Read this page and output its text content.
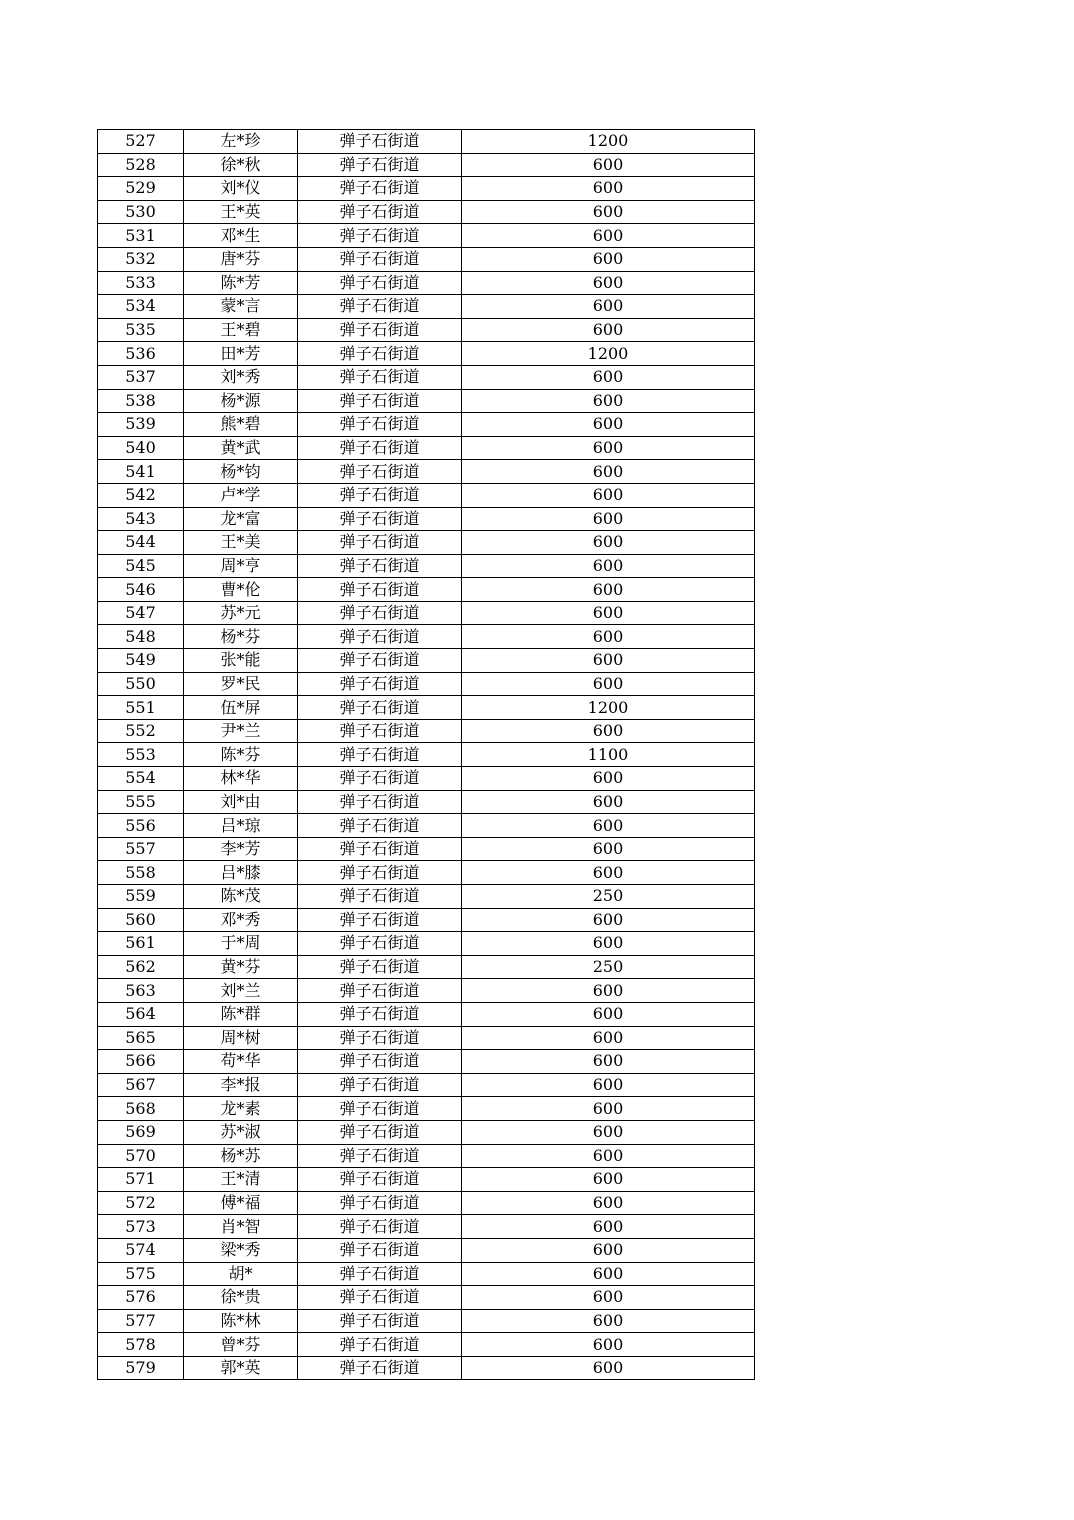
527	左*珍	弹子石街道	1200
528	徐*秋	弹子石街道	600
529	刘*仪	弹子石街道	600
530	王*英	弹子石街道	600
531	邓*生	弹子石街道	600
532	唐*芬	弹子石街道	600
533	陈*芳	弹子石街道	600
534	蒙*言	弹子石街道	600
535	王*碧	弹子石街道	600
536	田*芳	弹子石街道	1200
537	刘*秀	弹子石街道	600
538	杨*源	弹子石街道	600
539	熊*碧	弹子石街道	600
540	黄*武	弹子石街道	600
541	杨*钧	弹子石街道	600
542	卢*学	弹子石街道	600
543	龙*富	弹子石街道	600
544	王*美	弹子石街道	600
545	周*亨	弹子石街道	600
546	曹*伦	弹子石街道	600
547	苏*元	弹子石街道	600
548	杨*芬	弹子石街道	600
549	张*能	弹子石街道	600
550	罗*民	弹子石街道	600
551	伍*屏	弹子石街道	1200
552	尹*兰	弹子石街道	600
553	陈*芬	弹子石街道	1100
554	林*华	弹子石街道	600
555	刘*由	弹子石街道	600
556	吕*琼	弹子石街道	600
557	李*芳	弹子石街道	600
558	吕*膝	弹子石街道	600
559	陈*茂	弹子石街道	250
560	邓*秀	弹子石街道	600
561	于*周	弹子石街道	600
562	黄*芬	弹子石街道	250
563	刘*兰	弹子石街道	600
564	陈*群	弹子石街道	600
565	周*树	弹子石街道	600
566	苟*华	弹子石街道	600
567	李*报	弹子石街道	600
568	龙*素	弹子石街道	600
569	苏*淑	弹子石街道	600
570	杨*苏	弹子石街道	600
571	王*清	弹子石街道	600
572	傅*福	弹子石街道	600
573	肖*智	弹子石街道	600
574	梁*秀	弹子石街道	600
575	胡*	弹子石街道	600
576	徐*贵	弹子石街道	600
577	陈*林	弹子石街道	600
578	曾*芬	弹子石街道	600
579	郭*英	弹子石街道	600
